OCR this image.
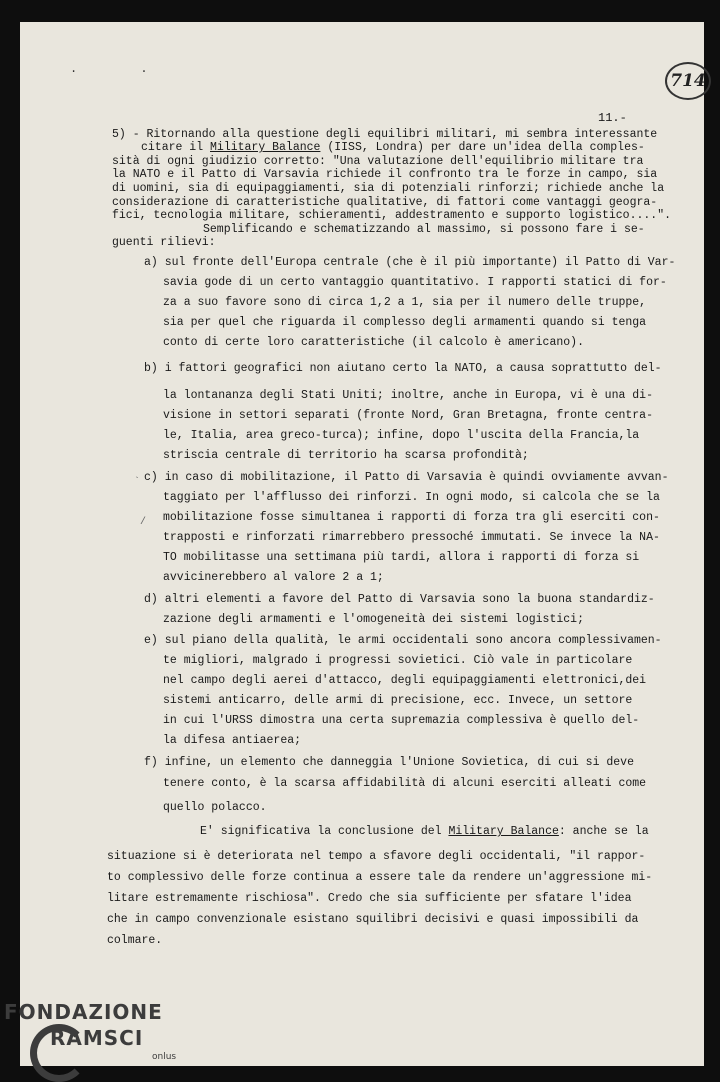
. .
714
11.-
`
/
5) - Ritornando alla questione degli equilibri militari, mi sembra interessante
citare il Military Balance (IISS, Londra) per dare un'idea della comples-
sità di ogni giudizio corretto: "Una valutazione dell'equilibrio militare tra
la NATO e il Patto di Varsavia richiede il confronto tra le forze in campo, sia
di uomini, sia di equipaggiamenti, sia di potenziali rinforzi; richiede anche la
considerazione di caratteristiche qualitative, di fattori come vantaggi geogra-
fici, tecnologia militare, schieramenti, addestramento e supporto logistico....".
Semplificando e schematizzando al massimo, si possono fare i se-
guenti rilievi:
a) sul fronte dell'Europa centrale (che è il più importante) il Patto di Var-
savia gode di un certo vantaggio quantitativo. I rapporti statici di for-
za a suo favore sono di circa 1,2 a 1, sia per il numero delle truppe,
sia per quel che riguarda il complesso degli armamenti quando si tenga
conto di certe loro caratteristiche (il calcolo è americano).
b) i fattori geografici non aiutano certo la NATO, a causa soprattutto del-
la lontananza degli Stati Uniti; inoltre, anche in Europa, vi è una di-
visione in settori separati (fronte Nord, Gran Bretagna, fronte centra-
le, Italia, area greco-turca); infine, dopo l'uscita della Francia,la
striscia centrale di territorio ha scarsa profondità;
c) in caso di mobilitazione, il Patto di Varsavia è quindi ovviamente avvan-
taggiato per l'afflusso dei rinforzi. In ogni modo, si calcola che se la
mobilitazione fosse simultanea i rapporti di forza tra gli eserciti con-
trapposti e rinforzati rimarrebbero pressoché immutati. Se invece la NA-
TO mobilitasse una settimana più tardi, allora i rapporti di forza si
avvicinerebbero al valore 2 a 1;
d) altri elementi a favore del Patto di Varsavia sono la buona standardiz-
zazione degli armamenti e l'omogeneità dei sistemi logistici;
e) sul piano della qualità, le armi occidentali sono ancora complessivamen-
te migliori, malgrado i progressi sovietici. Ciò vale in particolare
nel campo degli aerei d'attacco, degli equipaggiamenti elettronici,dei
sistemi anticarro, delle armi di precisione, ecc. Invece, un settore
in cui l'URSS dimostra una certa supremazia complessiva è quello del-
la difesa antiaerea;
f) infine, un elemento che danneggia l'Unione Sovietica, di cui si deve
tenere conto, è la scarsa affidabilità di alcuni eserciti alleati come
quello polacco.
E' significativa la conclusione del Military Balance: anche se la
situazione si è deteriorata nel tempo a sfavore degli occidentali, "il rappor-
to complessivo delle forze continua a essere tale da rendere un'aggressione mi-
litare estremamente rischiosa". Credo che sia sufficiente per sfatare l'idea
che in campo convenzionale esistano squilibri decisivi e quasi impossibili da
colmare.
FONDAZIONE
RAMSCI
onlus
